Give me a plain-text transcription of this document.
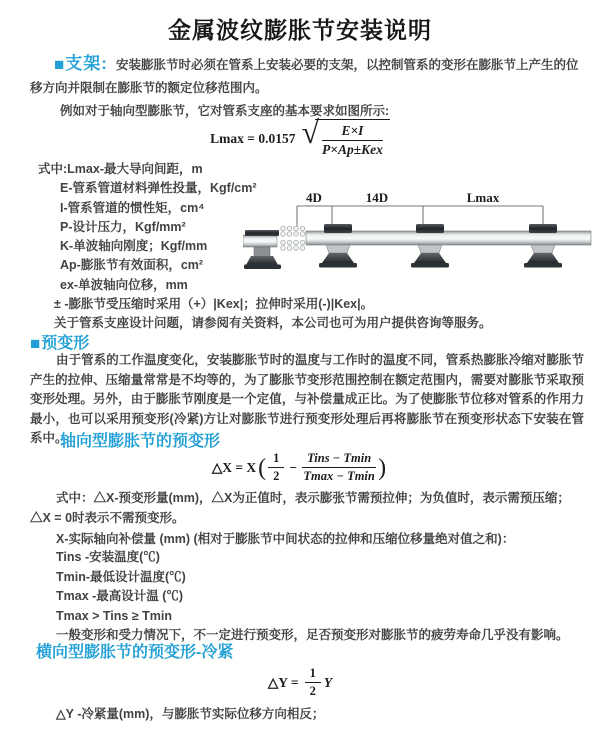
金属波纹膨胀节安装说明

■支架: 安装膨胀节时必须在管系上安装必要的支架，以控制管系的变形在膨胀节上产生的位移方向并限制在膨胀节的额定位移范围内。

例如对于轴向型膨胀节，它对管系支座的基本要求如图所示:

Lmax = 0.0157 √ $\frac{E\times I}{\text{P×Ap±Kex}}$
式中:Lmax-最大导向间距，m
E-管系管道材料弹性投量，Kgf/cm²
I-管系管道的惯性矩，cm⁴
P-设计压力，Kgf/mm²
K-单波轴向刚度；Kgf/mm
Ap-膨胀节有效面积，cm²
ex-单波轴向位移，mm
± -膨胀节受压缩时采用（+）|Kex|；拉伸时采用(-)|Kex|。
关于管系支座设计问题，请参阅有关资料，本公司也可为用户提供咨询等服务。
4D	14D	Lmax
■预变形

由于管系的工作温度变化，安装膨胀节时的温度与工作时的温度不同，管系热膨胀冷缩对膨胀节产生的拉伸、压缩量常常是不均等的，为了膨胀节变形范围控制在额定范围内，需要对膨胀节采取预变形处理。另外，由于膨胀节刚度是一个定值，与补偿量成正比。为了使膨胀节位移对管系的作用力最小，也可以采用预变形(冷紧)方让对膨胀节进行预变形处理后再将膨胀节在预变形状态下安装在管系中。

轴向型膨胀节的预变形
△X = X ( $\frac{1}{2} - \frac{\text{Tins − Tmin}}{Tmax - Tmin}$ )

式中：△X-预变形量(mm)，△X为正值时，表示膨张节需预拉伸；为负值时，表示需预压缩；△X = 0时表示不需预变形。

X-实际轴向补偿量 (mm) (相对于膨胀节中间状态的拉伸和压缩位移量绝对值之和)：
Tins -安装温度(℃)
Tmin-最低设计温度(℃)
Tmax -最高设计温 (℃)
Tmax > Tins ≥ Tmin
一般变形和受力情况下，不一定进行预变形，足否预变形对膨胀节的疲劳寿命几乎没有影响。
横向型膨胀节的预变形-冷紧
△Y = $\frac{1}{2}$ Y
△Y -冷紧量(mm)，与膨胀节实际位移方向相反；
